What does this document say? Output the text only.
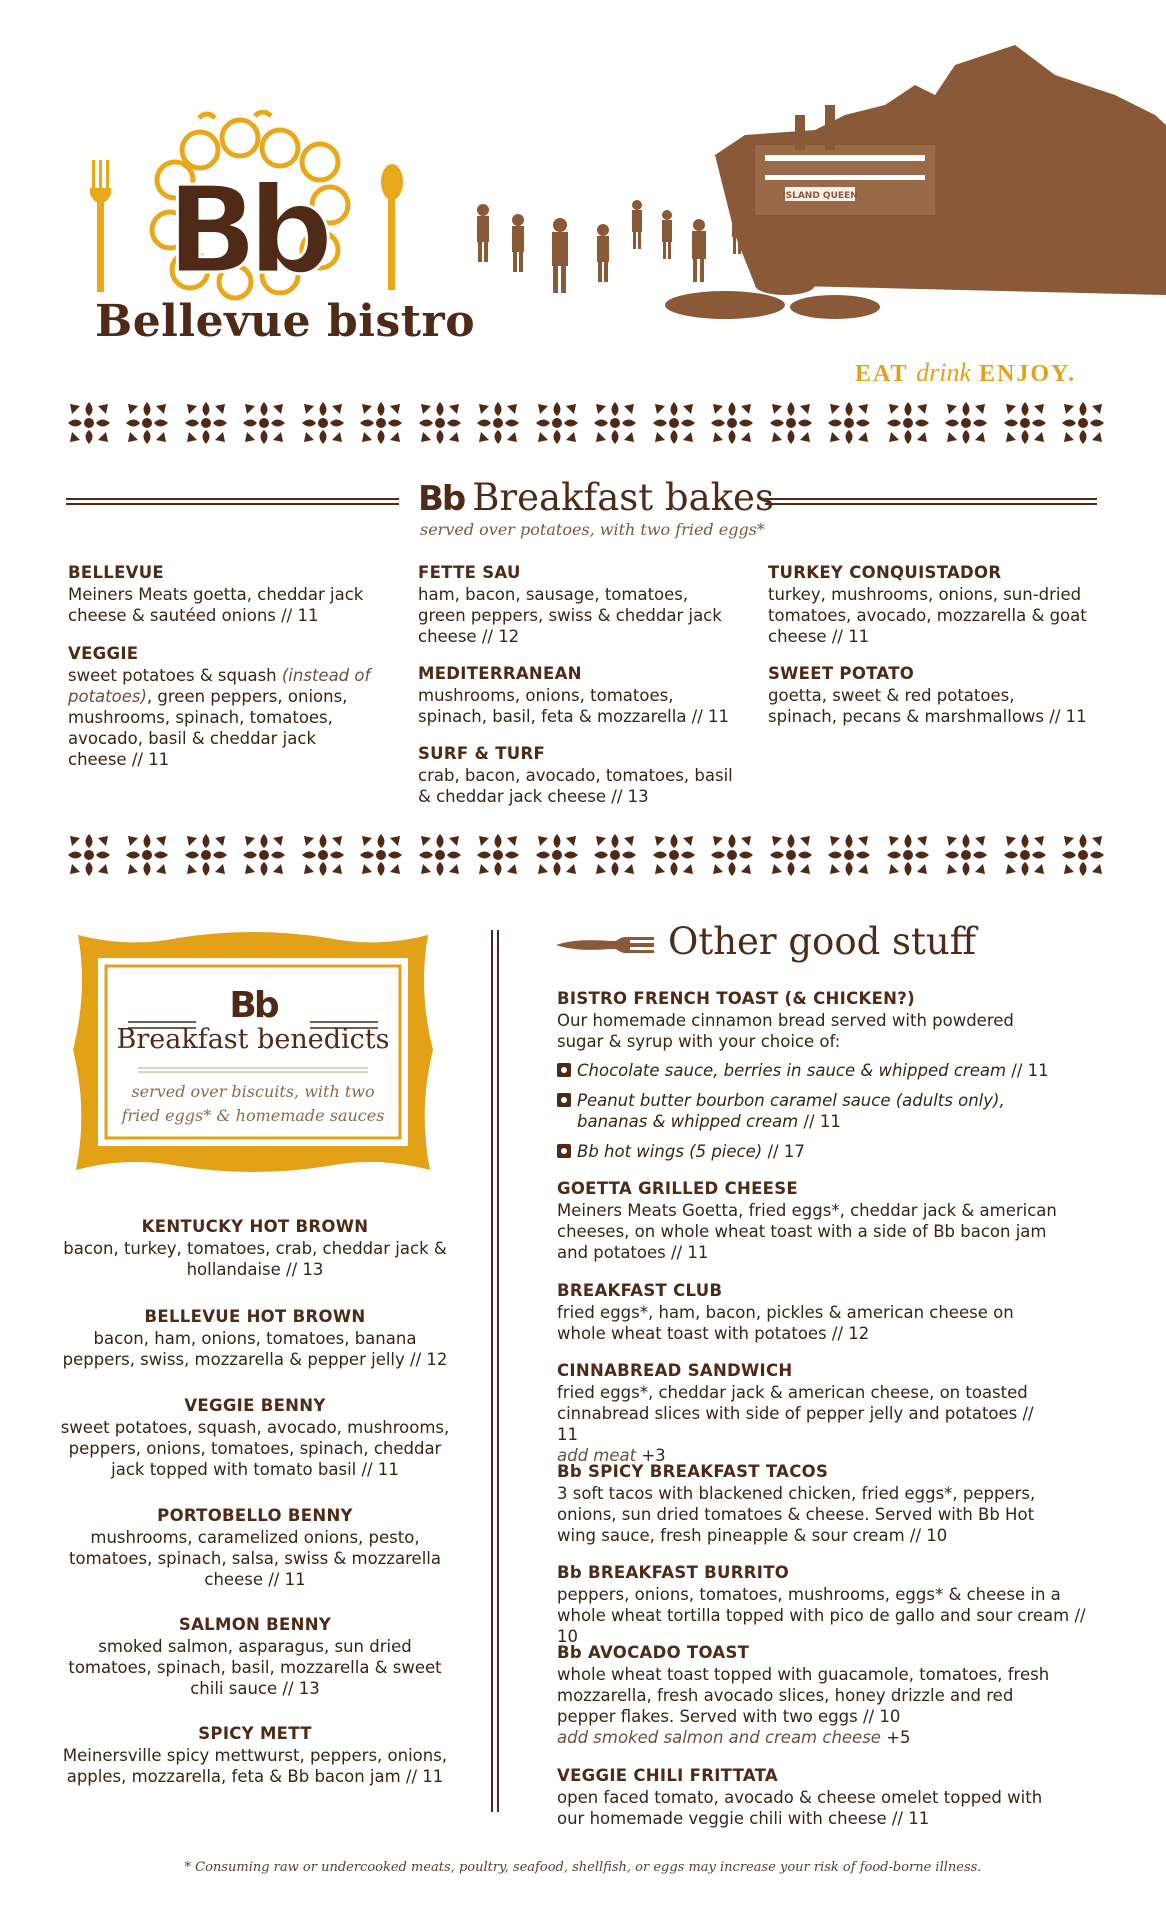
Bb
Bellevue bistro
ISLAND QUEEN
EAT drink ENJOY.
Bb Breakfast bakes
served over potatoes, with two fried eggs*
BELLEVUE

Meiners Meats goetta, cheddar jack cheese & sautéed onions // 11

VEGGIE

sweet potatoes & squash (instead of potatoes), green peppers, onions, mushrooms, spinach, tomatoes, avocado, basil & cheddar jack cheese // 11

FETTE SAU

ham, bacon, sausage, tomatoes, green peppers, swiss & cheddar jack cheese // 12

MEDITERRANEAN

mushrooms, onions, tomatoes, spinach, basil, feta & mozzarella // 11

SURF & TURF

crab, bacon, avocado, tomatoes, basil & cheddar jack cheese // 13

TURKEY CONQUISTADOR

turkey, mushrooms, onions, sun-dried tomatoes, avocado, mozzarella & goat cheese // 11

SWEET POTATO

goetta, sweet & red potatoes, spinach, pecans & marshmallows // 11

Bb
Breakfast benedicts
served over biscuits, with two fried eggs* & homemade sauces
KENTUCKY HOT BROWN

bacon, turkey, tomatoes, crab, cheddar jack & hollandaise // 13

BELLEVUE HOT BROWN

bacon, ham, onions, tomatoes, banana peppers, swiss, mozzarella & pepper jelly // 12

VEGGIE BENNY

sweet potatoes, squash, avocado, mushrooms, peppers, onions, tomatoes, spinach, cheddar jack topped with tomato basil // 11

PORTOBELLO BENNY

mushrooms, caramelized onions, pesto, tomatoes, spinach, salsa, swiss & mozzarella cheese // 11

SALMON BENNY

smoked salmon, asparagus, sun dried tomatoes, spinach, basil, mozzarella & sweet chili sauce // 13

SPICY METT

Meinersville spicy mettwurst, peppers, onions, apples, mozzarella, feta & Bb bacon jam // 11

Other good stuff
BISTRO FRENCH TOAST (& CHICKEN?)

Our homemade cinnamon bread served with powdered sugar & syrup with your choice of:

Chocolate sauce, berries in sauce & whipped cream // 11
Peanut butter bourbon caramel sauce (adults only), bananas & whipped cream // 11
Bb hot wings (5 piece) // 17
GOETTA GRILLED CHEESE

Meiners Meats Goetta, fried eggs*, cheddar jack & american cheeses, on whole wheat toast with a side of Bb bacon jam and potatoes // 11

BREAKFAST CLUB

fried eggs*, ham, bacon, pickles & american cheese on whole wheat toast with potatoes // 12

CINNABREAD SANDWICH

fried eggs*, cheddar jack & american cheese, on toasted cinnabread slices with side of pepper jelly and potatoes // 11

add meat +3

Bb SPICY BREAKFAST TACOS

3 soft tacos with blackened chicken, fried eggs*, peppers, onions, sun dried tomatoes & cheese. Served with Bb Hot wing sauce, fresh pineapple & sour cream // 10

Bb BREAKFAST BURRITO

peppers, onions, tomatoes, mushrooms, eggs* & cheese in a whole wheat tortilla topped with pico de gallo and sour cream // 10

Bb AVOCADO TOAST

whole wheat toast topped with guacamole, tomatoes, fresh mozzarella, fresh avocado slices, honey drizzle and red pepper flakes. Served with two eggs // 10

add smoked salmon and cream cheese +5

VEGGIE CHILI FRITTATA

open faced tomato, avocado & cheese omelet topped with our homemade veggie chili with cheese // 11

* Consuming raw or undercooked meats, poultry, seafood, shellfish, or eggs may increase your risk of food-borne illness.
